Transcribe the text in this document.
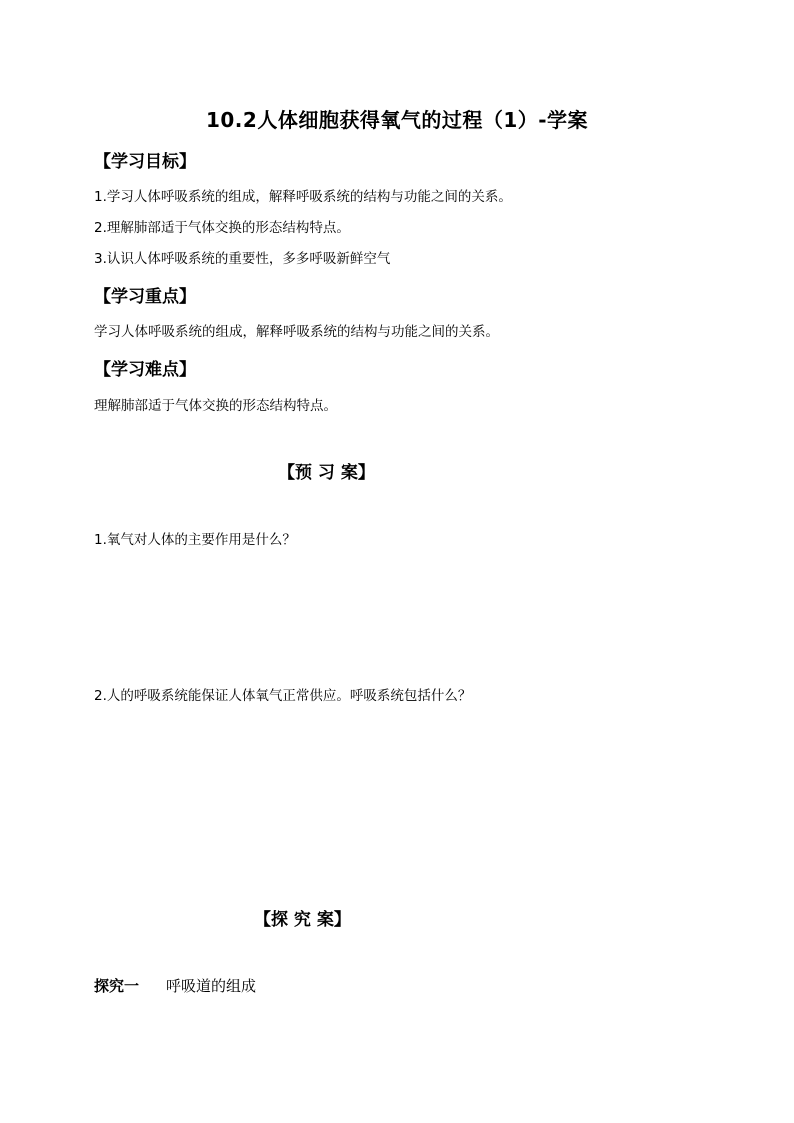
10.2人体细胞获得氧气的过程（1）-学案
【学习目标】
1.学习人体呼吸系统的组成，解释呼吸系统的结构与功能之间的关系。
2.理解肺部适于气体交换的形态结构特点。
3.认识人体呼吸系统的重要性，多多呼吸新鲜空气
【学习重点】
学习人体呼吸系统的组成，解释呼吸系统的结构与功能之间的关系。
【学习难点】
理解肺部适于气体交换的形态结构特点。
【预 习 案】
1.氧气对人体的主要作用是什么？
2.人的呼吸系统能保证人体氧气正常供应。呼吸系统包括什么？
【探 究 案】
探究一 呼吸道的组成
